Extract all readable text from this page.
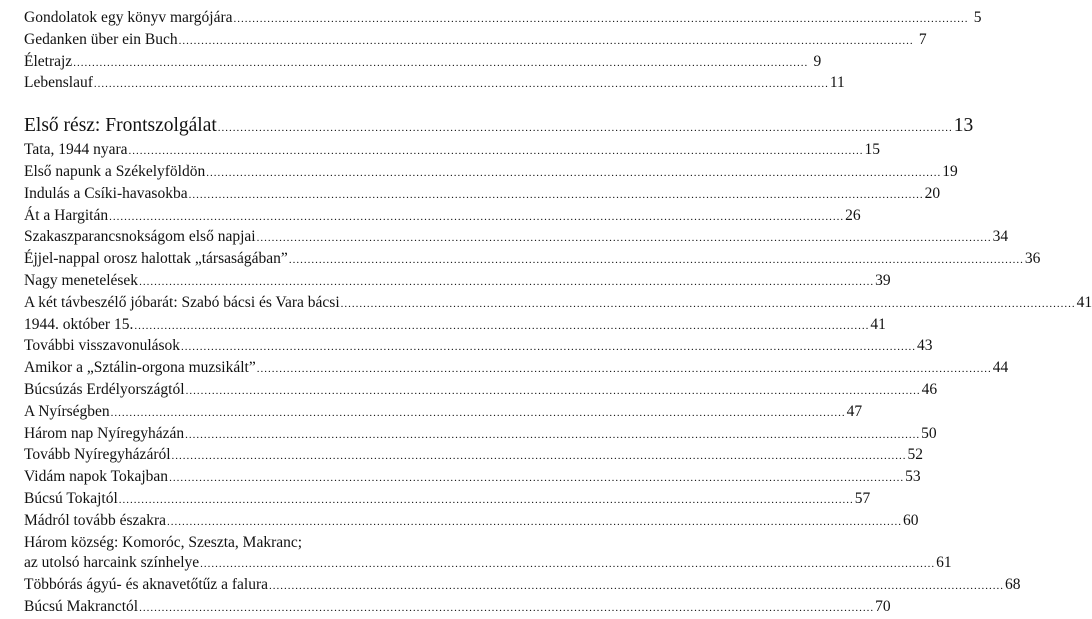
Gondolatok egy könyv margójára .....	5
Gedanken über ein Buch .....	7
Életrajz .....	9
Lebenslauf .....	11
Első rész: Frontszolgálat .....	13
Tata, 1944 nyara .....	15
Első napunk a Székelyföldön .....	19
Indulás a Csíki-havasokba .....	20
Át a Hargitán .....	26
Szakaszparancsnokságom első napjai .....	34
Éjjel-nappal orosz halottak „társaságában” .....	36
Nagy menetelések .....	39
A két távbeszélő jóbarát: Szabó bácsi és Vara bácsi .....	41
1944. október 15. .....	41
További visszavonulások .....	43
Amikor a „Sztálin-orgona muzsikált” .....	44
Búcsúzás Erdélyországtól .....	46
A Nyírségben .....	47
Három nap Nyíregyházán .....	50
Tovább Nyíregyházáról .....	52
Vidám napok Tokajban .....	53
Búcsú Tokajtól .....	57
Mádról tovább északra .....	60
Három község: Komoróc, Szeszta, Makranc;
az utolsó harcaink színhelye .....	61
Többórás ágyú- és aknavetőtűz a falura .....	68
Búcsú Makranctól .....	70
